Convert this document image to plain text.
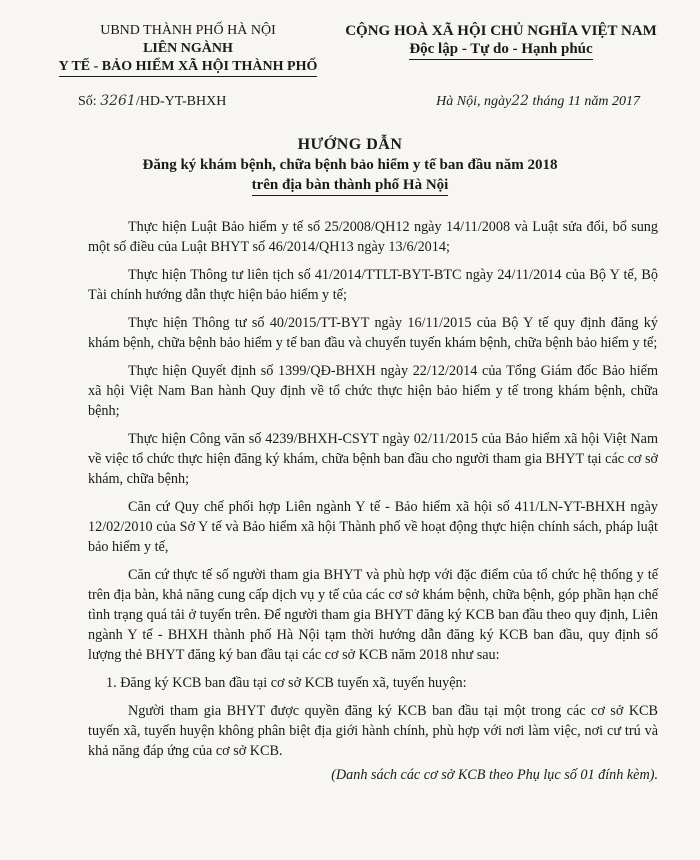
UBND THÀNH PHỐ HÀ NỘI
LIÊN NGÀNH
Y TẾ - BẢO HIỂM XÃ HỘI THÀNH PHỐ
CỘNG HOÀ XÃ HỘI CHỦ NGHĨA VIỆT NAM
Độc lập - Tự do - Hạnh phúc
Số: 3261/HD-YT-BHXH	Hà Nội, ngày22 tháng 11 năm 2017
HƯỚNG DẪN
Đăng ký khám bệnh, chữa bệnh bảo hiểm y tế ban đầu năm 2018
trên địa bàn thành phố Hà Nội

Thực hiện Luật Bảo hiểm y tế số 25/2008/QH12 ngày 14/11/2008 và Luật sửa đổi, bổ sung một số điều của Luật BHYT số 46/2014/QH13 ngày 13/6/2014;

Thực hiện Thông tư liên tịch số 41/2014/TTLT-BYT-BTC ngày 24/11/2014 của Bộ Y tế, Bộ Tài chính hướng dẫn thực hiện bảo hiểm y tế;

Thực hiện Thông tư số 40/2015/TT-BYT ngày 16/11/2015 của Bộ Y tế quy định đăng ký khám bệnh, chữa bệnh bảo hiểm y tế ban đầu và chuyển tuyến khám bệnh, chữa bệnh bảo hiểm y tế;

Thực hiện Quyết định số 1399/QĐ-BHXH ngày 22/12/2014 của Tổng Giám đốc Bảo hiểm xã hội Việt Nam Ban hành Quy định về tổ chức thực hiện bảo hiểm y tế trong khám bệnh, chữa bệnh;

Thực hiện Công văn số 4239/BHXH-CSYT ngày 02/11/2015 của Bảo hiểm xã hội Việt Nam về việc tổ chức thực hiện đăng ký khám, chữa bệnh ban đầu cho người tham gia BHYT tại các cơ sở khám, chữa bệnh;

Căn cứ Quy chế phối hợp Liên ngành Y tế - Bảo hiểm xã hội số 411/LN-YT-BHXH ngày 12/02/2010 của Sở Y tế và Bảo hiểm xã hội Thành phố về hoạt động thực hiện chính sách, pháp luật bảo hiểm y tế,

Căn cứ thực tế số người tham gia BHYT và phù hợp với đặc điểm của tổ chức hệ thống y tế trên địa bàn, khả năng cung cấp dịch vụ y tế của các cơ sở khám bệnh, chữa bệnh, góp phần hạn chế tình trạng quá tải ở tuyến trên. Để người tham gia BHYT đăng ký KCB ban đầu theo quy định, Liên ngành Y tế - BHXH thành phố Hà Nội tạm thời hướng dẫn đăng ký KCB ban đầu, quy định số lượng thẻ BHYT đăng ký ban đầu tại các cơ sở KCB năm 2018 như sau:

1. Đăng ký KCB ban đầu tại cơ sở KCB tuyến xã, tuyến huyện:

Người tham gia BHYT được quyền đăng ký KCB ban đầu tại một trong các cơ sở KCB tuyến xã, tuyến huyện không phân biệt địa giới hành chính, phù hợp với nơi làm việc, nơi cư trú và khả năng đáp ứng của cơ sở KCB.

(Danh sách các cơ sở KCB theo Phụ lục số 01 đính kèm).
